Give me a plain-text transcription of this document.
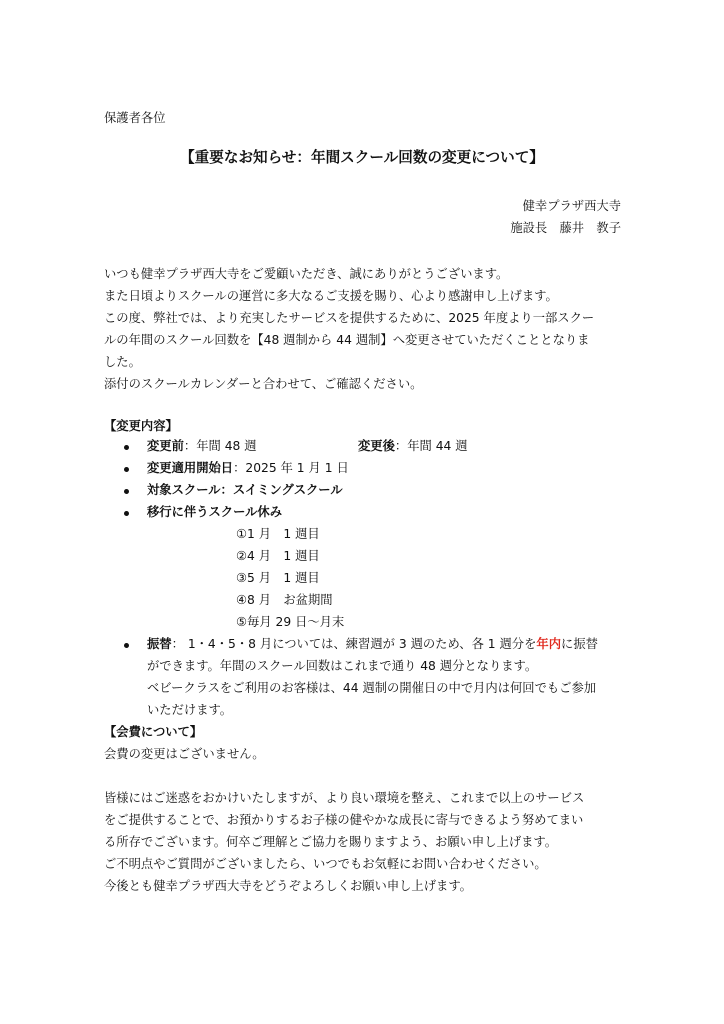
保護者各位
【重要なお知らせ：年間スクール回数の変更について】
健幸プラザ西大寺
施設長　藤井　教子
いつも健幸プラザ西大寺をご愛顧いただき、誠にありがとうございます。
また日頃よりスクールの運営に多大なるご支援を賜り、心より感謝申し上げます。
この度、弊社では、より充実したサービスを提供するために、2025 年度より一部スクー
ルの年間のスクール回数を【48 週制から 44 週制】へ変更させていただくこととなりま
した。
添付のスクールカレンダーと合わせて、ご確認ください。
【変更内容】
変更前：年間 48 週	変更後：年間 44 週
変更適用開始日：2025 年 1 月 1 日
対象スクール：スイミングスクール
移行に伴うスクール休み
①1 月　1 週目
②4 月　1 週目
③5 月　1 週目
④8 月　お盆期間
⑤毎月 29 日～月末
振替： 1・4・5・8 月については、練習週が 3 週のため、各 1 週分を年内に振替
ができます。年間のスクール回数はこれまで通り 48 週分となります。
ベビークラスをご利用のお客様は、44 週制の開催日の中で月内は何回でもご参加
いただけます。
【会費について】
会費の変更はございません。
皆様にはご迷惑をおかけいたしますが、より良い環境を整え、これまで以上のサービス
をご提供することで、お預かりするお子様の健やかな成長に寄与できるよう努めてまい
る所存でございます。何卒ご理解とご協力を賜りますよう、お願い申し上げます。
ご不明点やご質問がございましたら、いつでもお気軽にお問い合わせください。
今後とも健幸プラザ西大寺をどうぞよろしくお願い申し上げます。
